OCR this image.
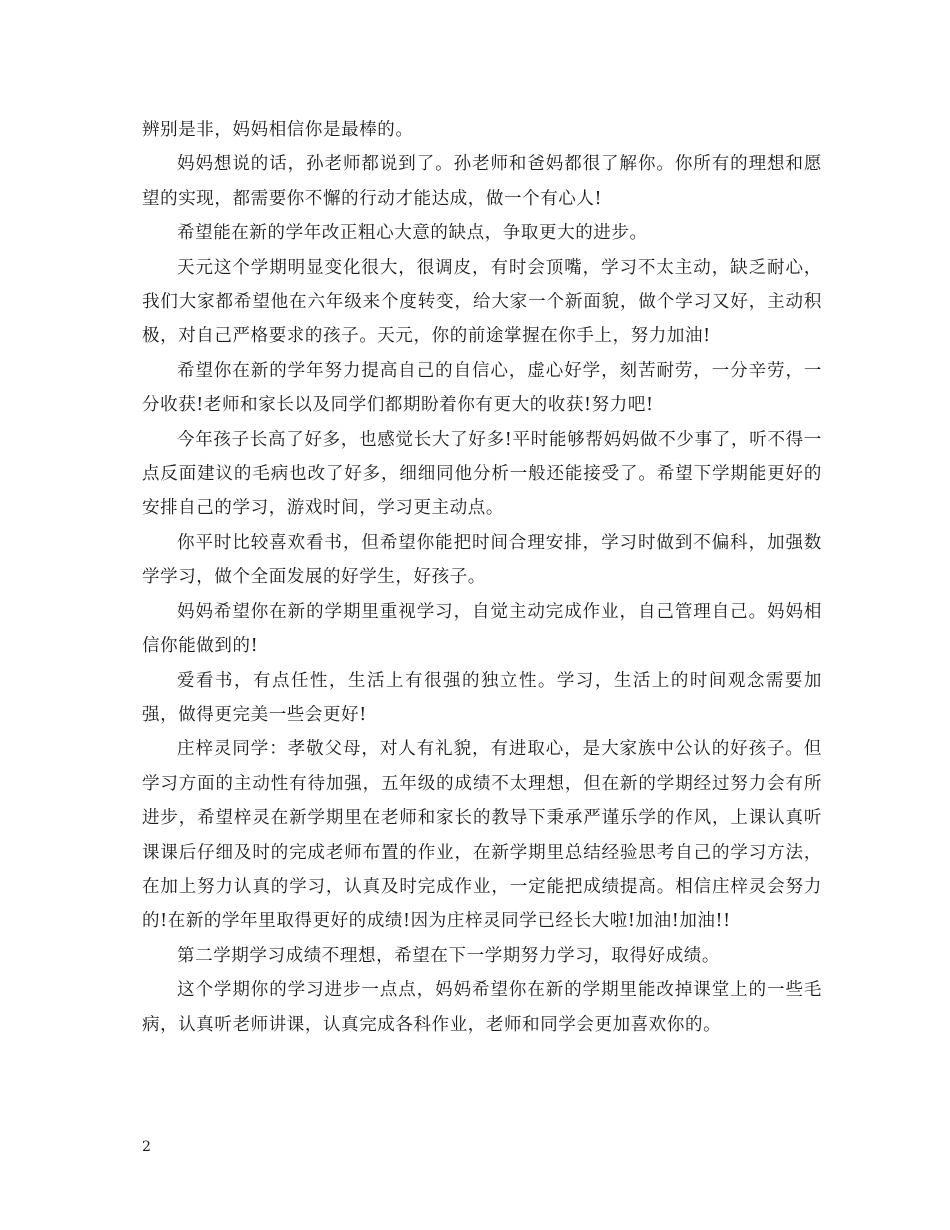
辨别是非，妈妈相信你是最棒的。

妈妈想说的话，孙老师都说到了。孙老师和爸妈都很了解你。你所有的理想和愿望的实现，都需要你不懈的行动才能达成，做一个有心人!

希望能在新的学年改正粗心大意的缺点，争取更大的进步。

天元这个学期明显变化很大，很调皮，有时会顶嘴，学习不太主动，缺乏耐心，我们大家都希望他在六年级来个度转变，给大家一个新面貌，做个学习又好，主动积极，对自己严格要求的孩子。天元，你的前途掌握在你手上，努力加油!

希望你在新的学年努力提高自己的自信心，虚心好学，刻苦耐劳，一分辛劳，一分收获!老师和家长以及同学们都期盼着你有更大的收获!努力吧!

今年孩子长高了好多，也感觉长大了好多!平时能够帮妈妈做不少事了，听不得一点反面建议的毛病也改了好多，细细同他分析一般还能接受了。希望下学期能更好的安排自己的学习，游戏时间，学习更主动点。

你平时比较喜欢看书，但希望你能把时间合理安排，学习时做到不偏科，加强数学学习，做个全面发展的好学生，好孩子。

妈妈希望你在新的学期里重视学习，自觉主动完成作业，自己管理自己。妈妈相信你能做到的!

爱看书，有点任性，生活上有很强的独立性。学习，生活上的时间观念需要加强，做得更完美一些会更好!

庄梓灵同学：孝敬父母，对人有礼貌，有进取心，是大家族中公认的好孩子。但学习方面的主动性有待加强，五年级的成绩不太理想，但在新的学期经过努力会有所进步，希望梓灵在新学期里在老师和家长的教导下秉承严谨乐学的作风，上课认真听课课后仔细及时的完成老师布置的作业，在新学期里总结经验思考自己的学习方法，在加上努力认真的学习，认真及时完成作业，一定能把成绩提高。相信庄梓灵会努力的!在新的学年里取得更好的成绩!因为庄梓灵同学已经长大啦!加油!加油!!

第二学期学习成绩不理想，希望在下一学期努力学习，取得好成绩。

这个学期你的学习进步一点点，妈妈希望你在新的学期里能改掉课堂上的一些毛病，认真听老师讲课，认真完成各科作业，老师和同学会更加喜欢你的。

2
